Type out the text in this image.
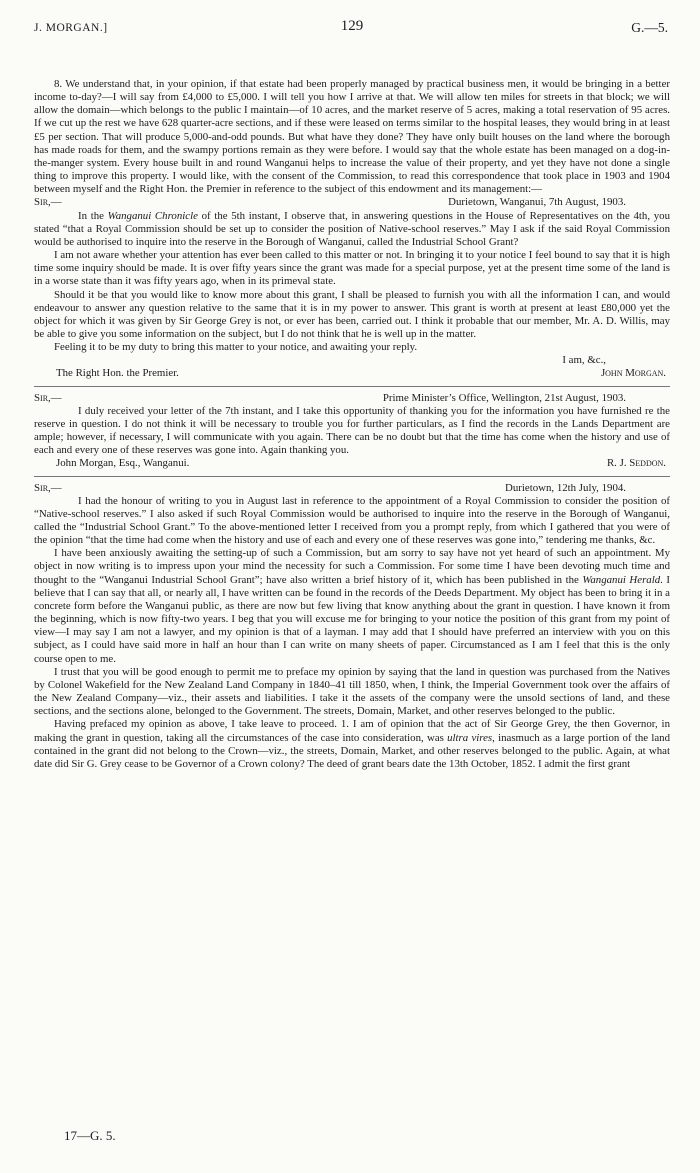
J. MORGAN.]	129	G.—5.

8. We understand that, in your opinion, if that estate had been properly managed by practical business men, it would be bringing in a better income to-day?—I will say from £4,000 to £5,000. I will tell you how I arrive at that. We will allow ten miles for streets in that block; we will allow the domain—which belongs to the public I maintain—of 10 acres, and the market reserve of 5 acres, making a total reservation of 95 acres. If we cut up the rest we have 628 quarter-acre sections, and if these were leased on terms similar to the hospital leases, they would bring in at least £5 per section. That will produce 5,000-and-odd pounds. But what have they done? They have only built houses on the land where the borough has made roads for them, and the swampy portions remain as they were before. I would say that the whole estate has been managed on a dog-in-the-manger system. Every house built in and round Wanganui helps to increase the value of their property, and yet they have not done a single thing to improve this property. I would like, with the consent of the Commission, to read this correspondence that took place in 1903 and 1904 between myself and the Right Hon. the Premier in reference to the subject of this endowment and its management:—

Sir,—	Durietown, Wanganui, 7th August, 1903.

In the Wanganui Chronicle of the 5th instant, I observe that, in answering questions in the House of Representatives on the 4th, you stated “that a Royal Commission should be set up to consider the position of Native-school reserves.” May I ask if the said Royal Commission would be authorised to inquire into the reserve in the Borough of Wanganui, called the Industrial School Grant?

I am not aware whether your attention has ever been called to this matter or not. In bringing it to your notice I feel bound to say that it is high time some inquiry should be made. It is over fifty years since the grant was made for a special purpose, yet at the present time some of the land is in a worse state than it was fifty years ago, when in its primeval state.

Should it be that you would like to know more about this grant, I shall be pleased to furnish you with all the information I can, and would endeavour to answer any question relative to the same that it is in my power to answer. This grant is worth at present at least £80,000 yet the object for which it was given by Sir George Grey is not, or ever has been, carried out. I think it probable that our member, Mr. A. D. Willis, may be able to give you some information on the subject, but I do not think that he is well up in the matter.

Feeling it to be my duty to bring this matter to your notice, and awaiting your reply.

I am, &c.,
The Right Hon. the Premier.	John Morgan.
Sir,—	Prime Minister’s Office, Wellington, 21st August, 1903.

I duly received your letter of the 7th instant, and I take this opportunity of thanking you for the information you have furnished re the reserve in question. I do not think it will be necessary to trouble you for further particulars, as I find the records in the Lands Department are ample; however, if necessary, I will communicate with you again. There can be no doubt but that the time has come when the history and use of each and every one of these reserves was gone into. Again thanking you.

John Morgan, Esq., Wanganui.	R. J. Seddon.
Sir,—	Durietown, 12th July, 1904.

I had the honour of writing to you in August last in reference to the appointment of a Royal Commission to consider the position of “Native-school reserves.” I also asked if such Royal Commission would be authorised to inquire into the reserve in the Borough of Wanganui, called the “Industrial School Grant.” To the above-mentioned letter I received from you a prompt reply, from which I gathered that you were of the opinion “that the time had come when the history and use of each and every one of these reserves was gone into,” tendering me thanks, &c.

I have been anxiously awaiting the setting-up of such a Commission, but am sorry to say have not yet heard of such an appointment. My object in now writing is to impress upon your mind the necessity for such a Commission. For some time I have been devoting much time and thought to the “Wanganui Industrial School Grant”; have also written a brief history of it, which has been published in the Wanganui Herald. I believe that I can say that all, or nearly all, I have written can be found in the records of the Deeds Department. My object has been to bring it in a concrete form before the Wanganui public, as there are now but few living that know anything about the grant in question. I have known it from the beginning, which is now fifty-two years. I beg that you will excuse me for bringing to your notice the position of this grant from my point of view—I may say I am not a lawyer, and my opinion is that of a layman. I may add that I should have preferred an interview with you on this subject, as I could have said more in half an hour than I can write on many sheets of paper. Circumstanced as I am I feel that this is the only course open to me.

I trust that you will be good enough to permit me to preface my opinion by saying that the land in question was purchased from the Natives by Colonel Wakefield for the New Zealand Land Company in 1840–41 till 1850, when, I think, the Imperial Government took over the affairs of the New Zealand Company—viz., their assets and liabilities. I take it the assets of the company were the unsold sections of land, and these sections, and the sections alone, belonged to the Government. The streets, Domain, Market, and other reserves belonged to the public.

Having prefaced my opinion as above, I take leave to proceed. 1. I am of opinion that the act of Sir George Grey, the then Governor, in making the grant in question, taking all the circumstances of the case into consideration, was ultra vires, inasmuch as a large portion of the land contained in the grant did not belong to the Crown—viz., the streets, Domain, Market, and other reserves belonged to the public. Again, at what date did Sir G. Grey cease to be Governor of a Crown colony? The deed of grant bears date the 13th October, 1852. I admit the first grant

17—G. 5.
